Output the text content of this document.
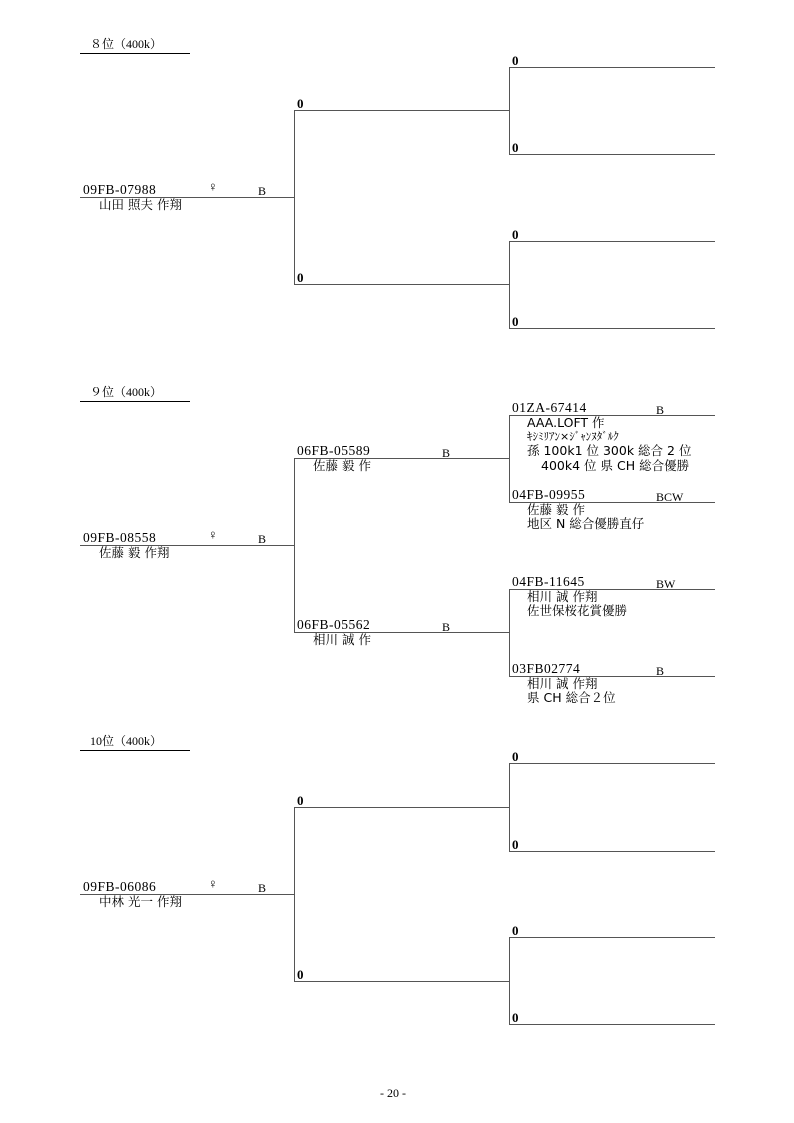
８位（400k）
09FB-07988	♀	B
山田 照夫 作翔
0
0
0
0
0
0
９位（400k）
09FB-08558	♀	B
佐藤 毅 作翔
06FB-05589	B
佐藤 毅 作
06FB-05562	B
相川 誠 作
01ZA-67414	B
AAA.LOFT 作
ｷｼﾐﾘｱﾝ×ｼﾞｬﾝﾇﾀﾞﾙｸ
孫 100k1 位 300k 総合 2 位
400k4 位 県 CH 総合優勝
04FB-09955	BCW
佐藤 毅 作
地区 N 総合優勝直仔
04FB-11645	BW
相川 誠 作翔
佐世保桜花賞優勝
03FB02774	B
相川 誠 作翔
県 CH 総合２位
10位（400k）
09FB-06086	♀	B
中林 光一 作翔
0
0
0
0
0
0
- 20 -
